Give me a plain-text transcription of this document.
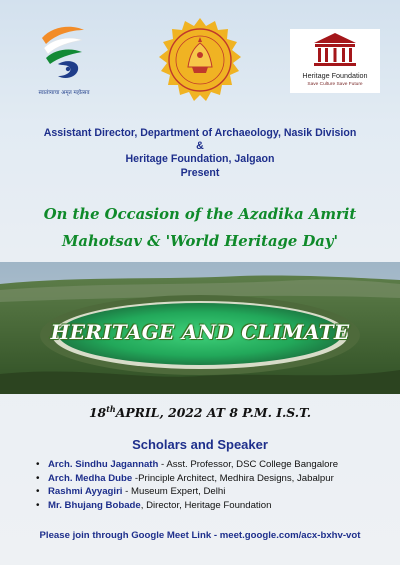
स्वातंत्र्याचा अमृत महोत्सव
Heritage Foundation
Save Culture Save Future
Assistant Director, Department of Archaeology, Nasik Division
&
Heritage Foundation, Jalgaon
Present
On the Occasion of the Azadika Amrit
Mahotsav & 'World Heritage Day'
HERITAGE AND CLIMATE
18thAPRIL, 2022 AT 8 P.M. I.S.T.
Scholars and Speaker
• Arch. Sindhu Jagannath - Asst. Professor, DSC College Bangalore
• Arch. Medha Dube -Principle Architect, Medhira Designs, Jabalpur
• Rashmi Ayyagiri - Museum Expert, Delhi
• Mr. Bhujang Bobade, Director, Heritage Foundation
Please join through Google Meet Link - meet.google.com/acx-bxhv-vot
